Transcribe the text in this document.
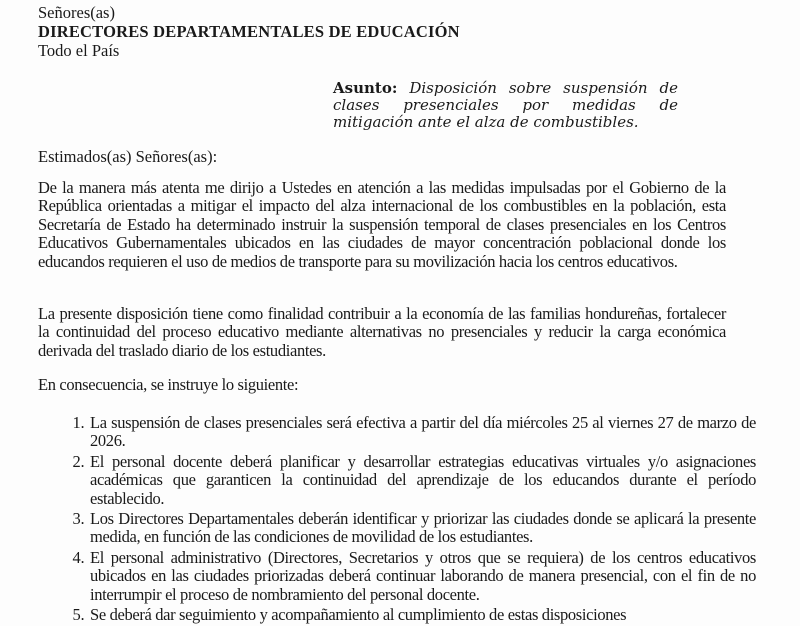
Señores(as)
DIRECTORES DEPARTAMENTALES DE EDUCACIÓN
Todo el País
Asunto: Disposición sobre suspensión de clases presenciales por medidas de mitigación ante el alza de combustibles.
Estimados(as) Señores(as):
De la manera más atenta me dirijo a Ustedes en atención a las medidas impulsadas por el Gobierno de la República orientadas a mitigar el impacto del alza internacional de los combustibles en la población, esta Secretaría de Estado ha determinado instruir la suspensión temporal de clases presenciales en los Centros Educativos Gubernamentales ubicados en las ciudades de mayor concentración poblacional donde los educandos requieren el uso de medios de transporte para su movilización hacia los centros educativos.
La presente disposición tiene como finalidad contribuir a la economía de las familias hondureñas, fortalecer la continuidad del proceso educativo mediante alternativas no presenciales y reducir la carga económica derivada del traslado diario de los estudiantes.
En consecuencia, se instruye lo siguiente:
1. La suspensión de clases presenciales será efectiva a partir del día miércoles 25 al viernes 27 de marzo de 2026.
2. El personal docente deberá planificar y desarrollar estrategias educativas virtuales y/o asignaciones académicas que garanticen la continuidad del aprendizaje de los educandos durante el período establecido.
3. Los Directores Departamentales deberán identificar y priorizar las ciudades donde se aplicará la presente medida, en función de las condiciones de movilidad de los estudiantes.
4. El personal administrativo (Directores, Secretarios y otros que se requiera) de los centros educativos ubicados en las ciudades priorizadas deberá continuar laborando de manera presencial, con el fin de no interrumpir el proceso de nombramiento del personal docente.
5. Se deberá dar seguimiento y acompañamiento al cumplimiento de estas disposiciones
